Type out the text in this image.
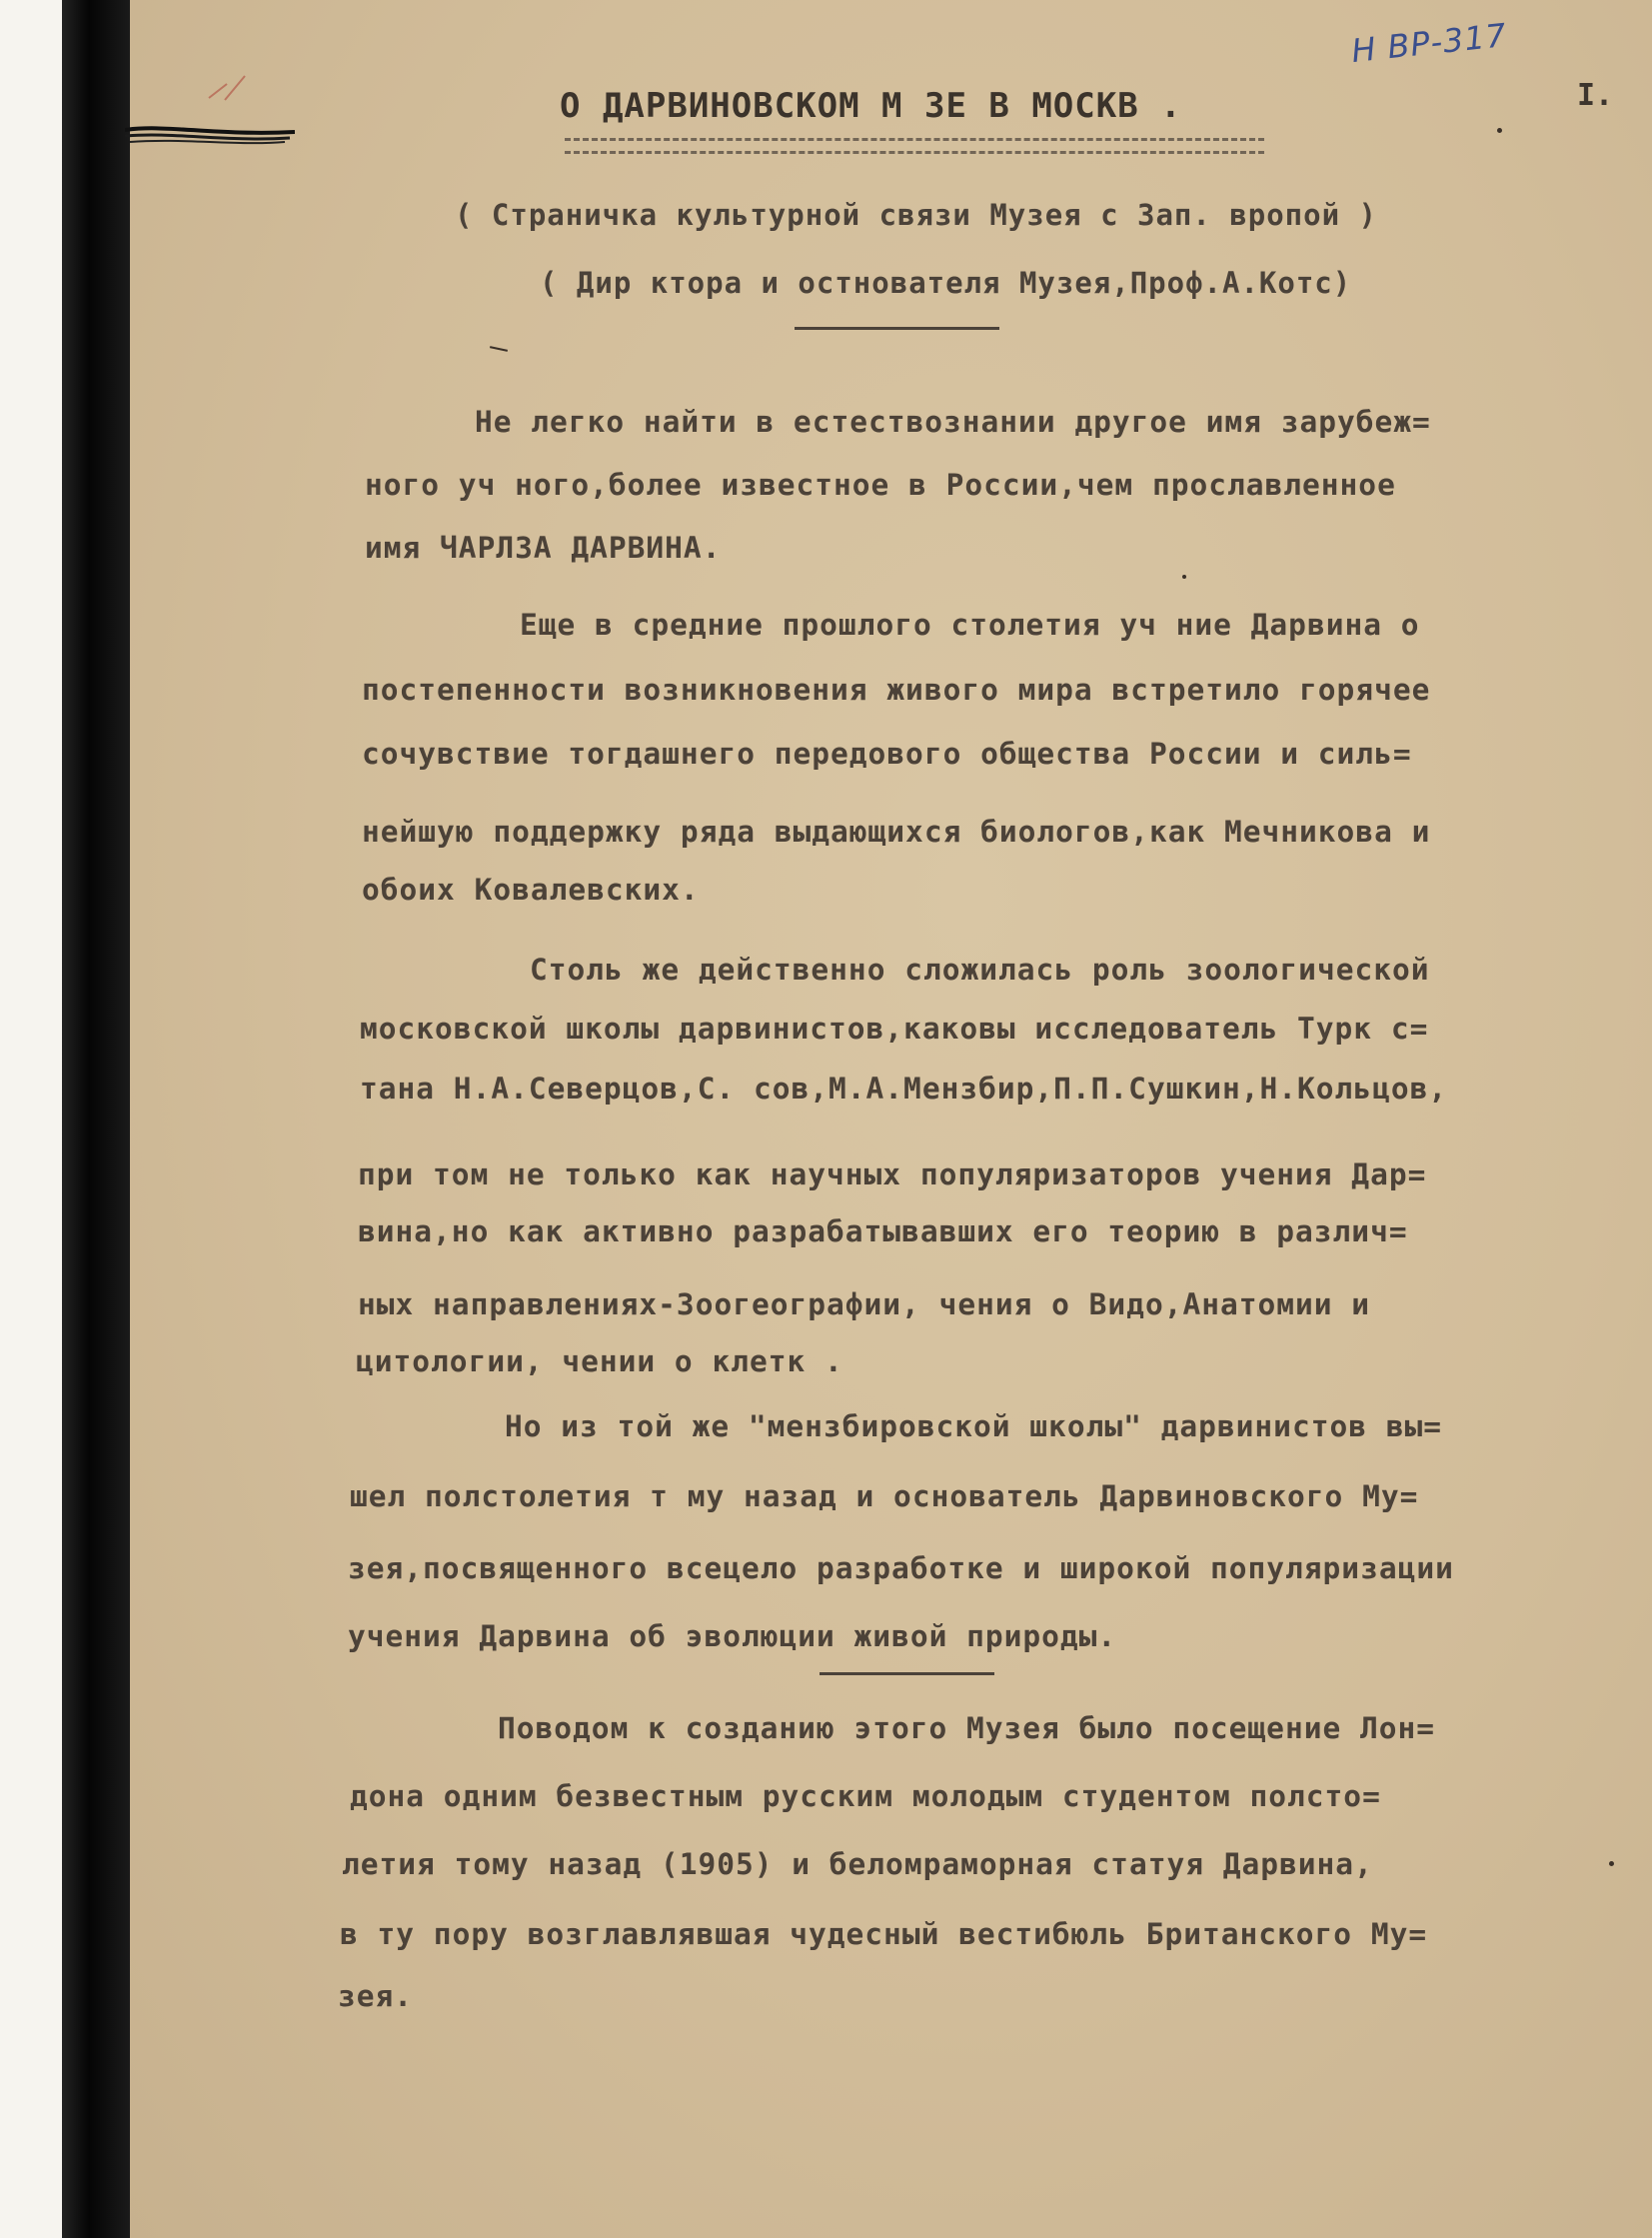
Н ВР-317
I.
О ДАРВИНОВСКОМ М ЗЕ В МОСКВ .
( Страничка культурной связи Музея с Зап. вропой )
( Дир ктора и остнователя Музея,Проф.А.Котс)
Не легко найти в естествознании другое имя зарубеж=
ного уч ного,более известное в России,чем прославленное
имя ЧАРЛЗА ДАРВИНА.
Еще в средние прошлого столетия уч ние Дарвина о
постепенности возникновения живого мира встретило горячее
сочувствие тогдашнего передового общества России и силь=
нейшую поддержку ряда выдающихся биологов,как Мечникова и
обоих Ковалевских.
Столь же действенно сложилась роль зоологической
московской школы дарвинистов,каковы исследователь Турк с=
тана Н.А.Северцов,С. сов,М.А.Мензбир,П.П.Сушкин,Н.Кольцов,
при том не только как научных популяризаторов учения Дар=
вина,но как активно разрабатывавших его теорию в различ=
ных направлениях-Зоогеографии, чения о Видо,Анатомии и
цитологии, чении о клетк .
Но из той же "мензбировской школы" дарвинистов вы=
шел полстолетия т му назад и основатель Дарвиновского Му=
зея,посвященного всецело разработке и широкой популяризации
учения Дарвина об эволюции живой природы.
Поводом к созданию этого Музея было посещение Лон=
дона одним безвестным русским молодым студентом полсто=
летия тому назад (1905) и беломраморная статуя Дарвина,
в ту пору возглавлявшая чудесный вестибюль Британского Му=
зея.
